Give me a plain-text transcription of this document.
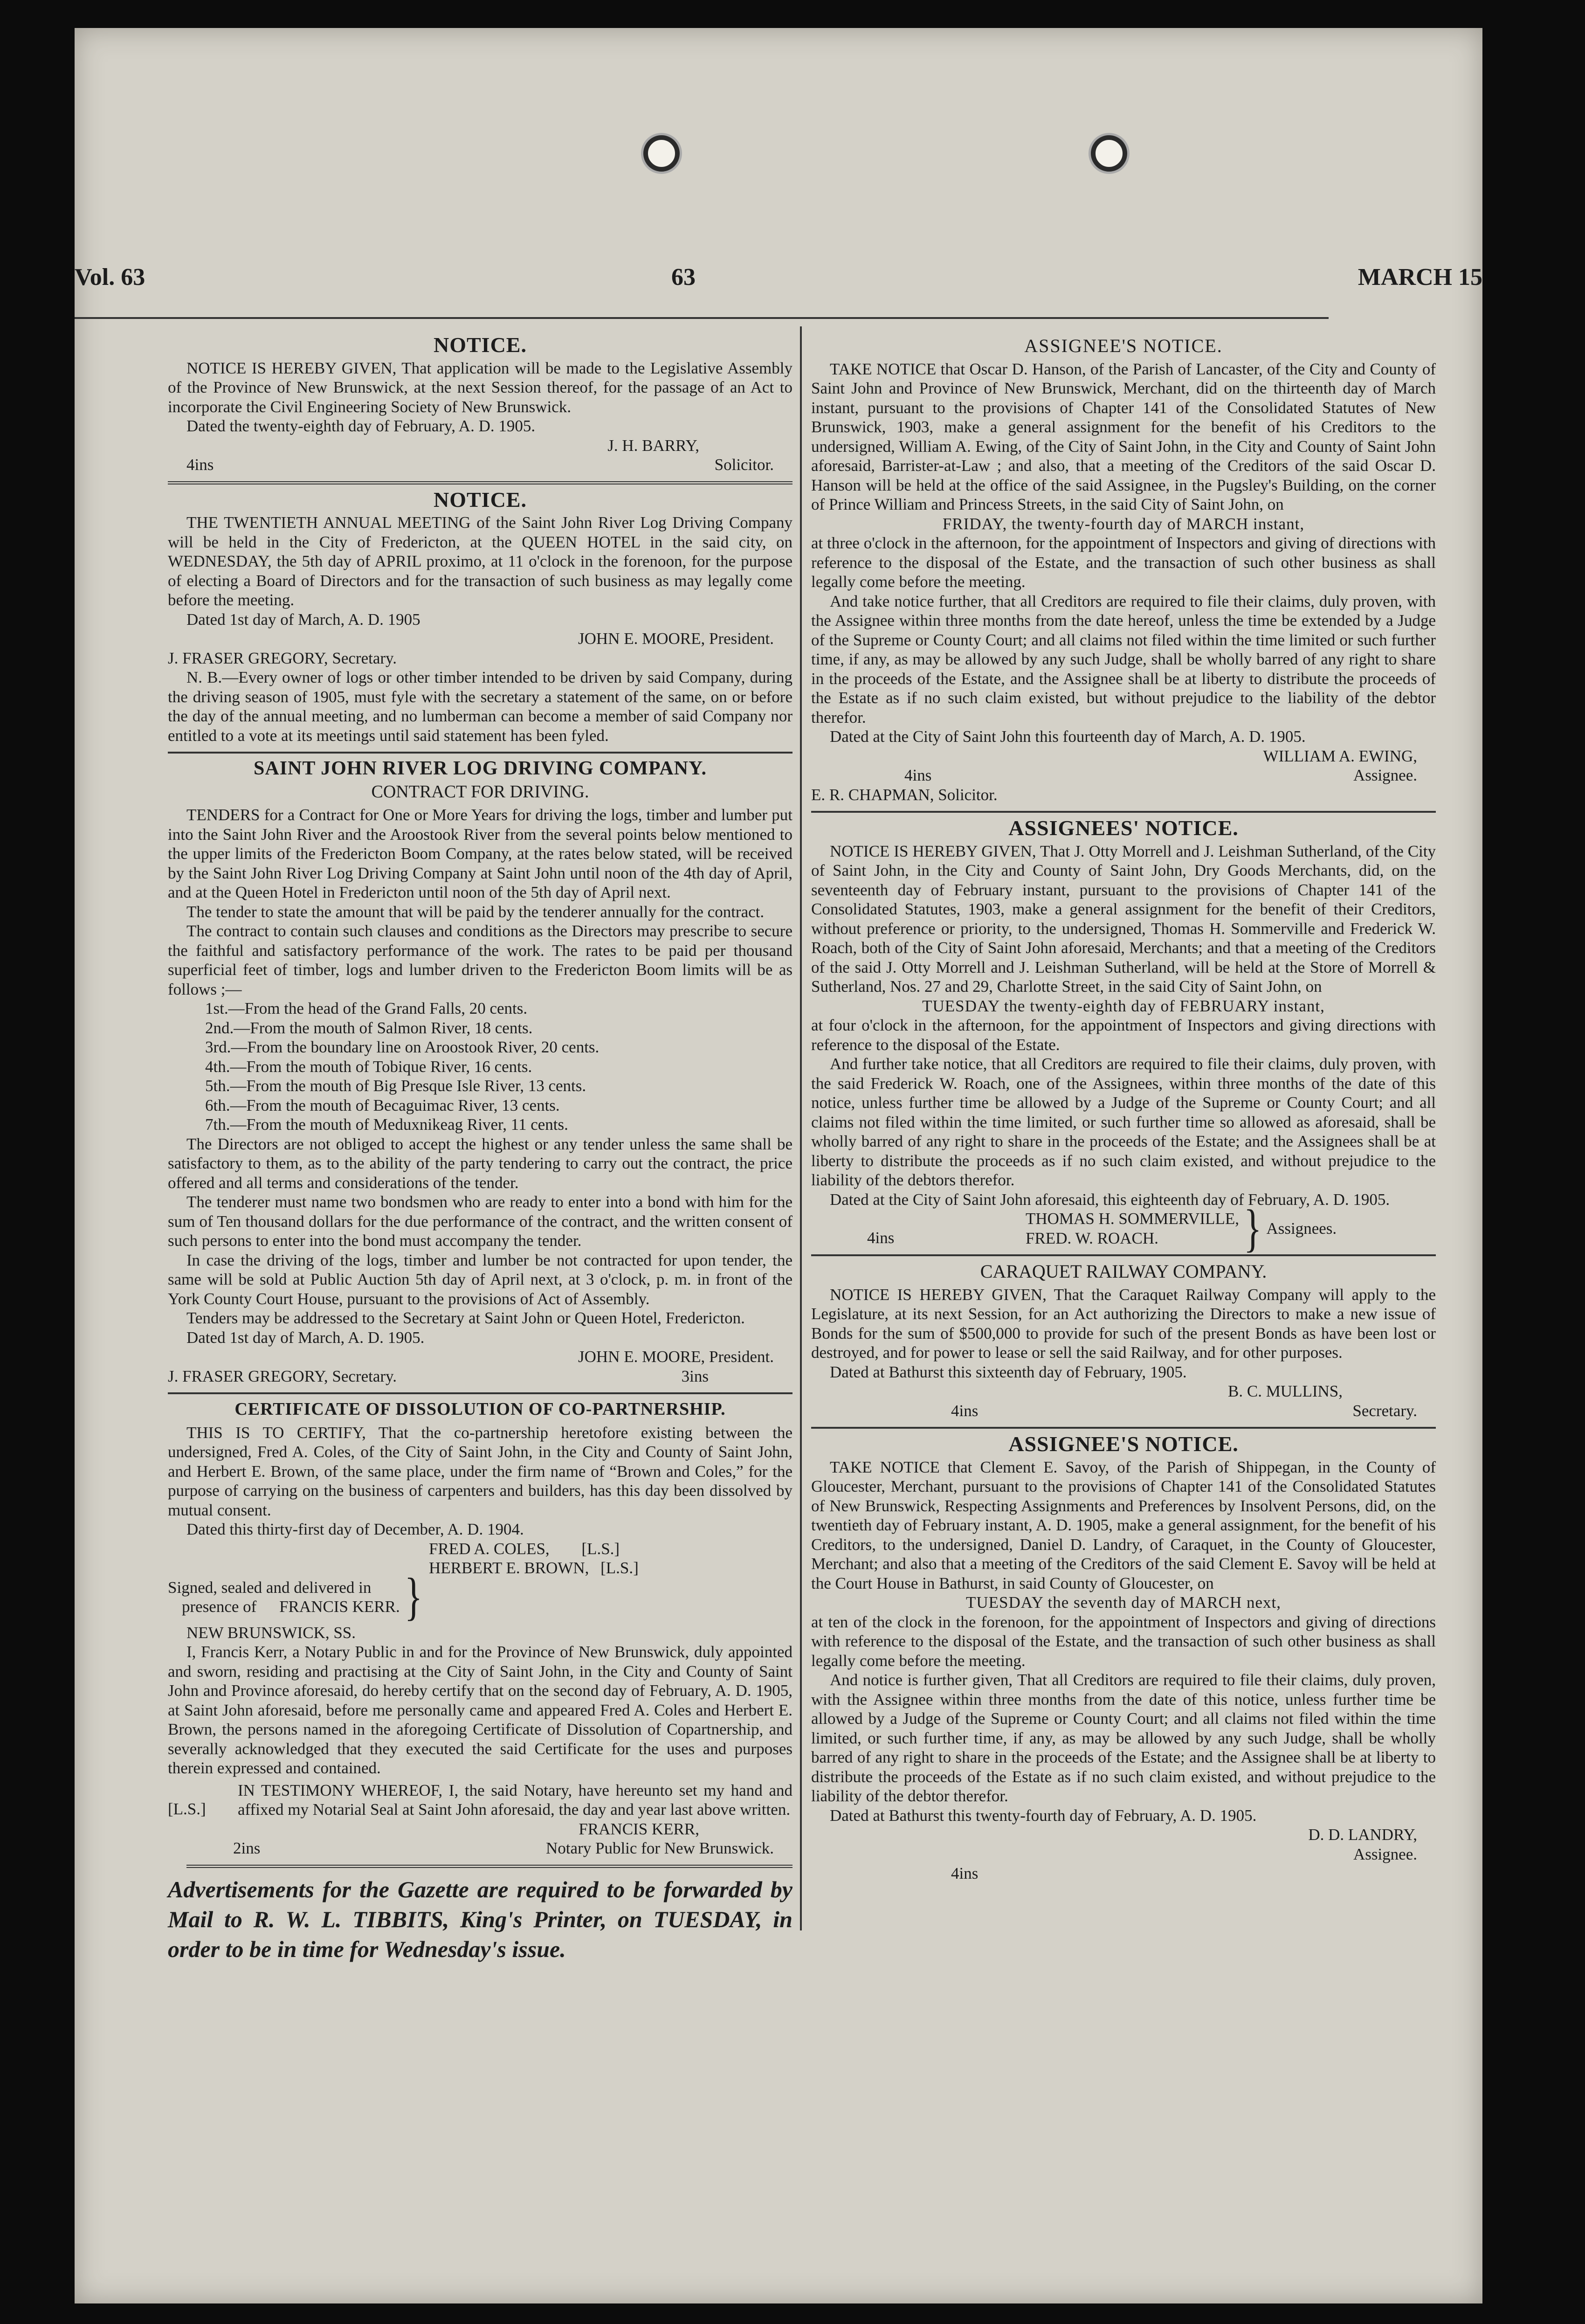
Vol. 63	63	MARCH 15
NOTICE.

NOTICE IS HEREBY GIVEN, That application will be made to the Legislative Assembly of the Province of New Brunswick, at the next Session thereof, for the passage of an Act to incorporate the Civil Engineering Society of New Brunswick.

Dated the twenty-eighth day of February, A. D. 1905.

J. H. BARRY,
4ins	Solicitor.
NOTICE.

THE TWENTIETH ANNUAL MEETING of the Saint John River Log Driving Company will be held in the City of Fredericton, at the QUEEN HOTEL in the said city, on WEDNESDAY, the 5th day of APRIL proximo, at 11 o'clock in the forenoon, for the purpose of electing a Board of Directors and for the transaction of such business as may legally come before the meeting.

Dated 1st day of March, A. D. 1905

JOHN E. MOORE, President.

J. FRASER GREGORY, Secretary.

N. B.—Every owner of logs or other timber intended to be driven by said Company, during the driving season of 1905, must fyle with the secretary a statement of the same, on or before the day of the annual meeting, and no lumberman can become a member of said Company nor entitled to a vote at its meetings until said statement has been fyled.

SAINT JOHN RIVER LOG DRIVING COMPANY.
CONTRACT FOR DRIVING.

TENDERS for a Contract for One or More Years for driving the logs, timber and lumber put into the Saint John River and the Aroostook River from the several points below mentioned to the upper limits of the Fredericton Boom Company, at the rates below stated, will be received by the Saint John River Log Driving Company at Saint John until noon of the 4th day of April, and at the Queen Hotel in Fredericton until noon of the 5th day of April next.

The tender to state the amount that will be paid by the tenderer annually for the contract.

The contract to contain such clauses and conditions as the Directors may prescribe to secure the faithful and satisfactory performance of the work. The rates to be paid per thousand superficial feet of timber, logs and lumber driven to the Fredericton Boom limits will be as follows ;—

1st.—From the head of the Grand Falls, 20 cents.
2nd.—From the mouth of Salmon River, 18 cents.
3rd.—From the boundary line on Aroostook River, 20 cents.
4th.—From the mouth of Tobique River, 16 cents.
5th.—From the mouth of Big Presque Isle River, 13 cents.
6th.—From the mouth of Becaguimac River, 13 cents.
7th.—From the mouth of Meduxnikeag River, 11 cents.

The Directors are not obliged to accept the highest or any tender unless the same shall be satisfactory to them, as to the ability of the party tendering to carry out the contract, the price offered and all terms and considerations of the tender.

The tenderer must name two bondsmen who are ready to enter into a bond with him for the sum of Ten thousand dollars for the due performance of the contract, and the written consent of such persons to enter into the bond must accompany the tender.

In case the driving of the logs, timber and lumber be not contracted for upon tender, the same will be sold at Public Auction 5th day of April next, at 3 o'clock, p. m. in front of the York County Court House, pursuant to the provisions of Act of Assembly.

Tenders may be addressed to the Secretary at Saint John or Queen Hotel, Fredericton.

Dated 1st day of March, A. D. 1905.

JOHN E. MOORE, President.
J. FRASER GREGORY, Secretary.	3ins
CERTIFICATE OF DISSOLUTION OF CO-PARTNERSHIP.

THIS IS TO CERTIFY, That the co-partnership heretofore existing between the undersigned, Fred A. Coles, of the City of Saint John, in the City and County of Saint John, and Herbert E. Brown, of the same place, under the firm name of “Brown and Coles,” for the purpose of carrying on the business of carpenters and builders, has this day been dissolved by mutual consent.

Dated this thirty-first day of December, A. D. 1904.

FRED A. COLES, [L.S.]
HERBERT E. BROWN, [L.S.]
Signed, sealed and delivered in
presence of FRANCIS KERR. }

NEW BRUNSWICK, SS.

I, Francis Kerr, a Notary Public in and for the Province of New Brunswick, duly appointed and sworn, residing and practising at the City of Saint John, in the City and County of Saint John and Province aforesaid, do hereby certify that on the second day of February, A. D. 1905, at Saint John aforesaid, before me personally came and appeared Fred A. Coles and Herbert E. Brown, the persons named in the aforegoing Certificate of Dissolution of Copartnership, and severally acknowledged that they executed the said Certificate for the uses and purposes therein expressed and contained.

[L.S.]
IN TESTIMONY WHEREOF, I, the said Notary, have hereunto set my hand and affixed my Notarial Seal at Saint John aforesaid, the day and year last above written.
FRANCIS KERR,
2ins	Notary Public for New Brunswick.

Advertisements for the Gazette are required to be forwarded by Mail to R. W. L. TIBBITS, King's Printer, on TUESDAY, in order to be in time for Wednesday's issue.

ASSIGNEE'S NOTICE.

TAKE NOTICE that Oscar D. Hanson, of the Parish of Lancaster, of the City and County of Saint John and Province of New Brunswick, Merchant, did on the thirteenth day of March instant, pursuant to the provisions of Chapter 141 of the Consolidated Statutes of New Brunswick, 1903, make a general assignment for the benefit of his Creditors to the undersigned, William A. Ewing, of the City of Saint John, in the City and County of Saint John aforesaid, Barrister-at-Law ; and also, that a meeting of the Creditors of the said Oscar D. Hanson will be held at the office of the said Assignee, in the Pugsley's Building, on the corner of Prince William and Princess Streets, in the said City of Saint John, on

FRIDAY, the twenty-fourth day of MARCH instant,

at three o'clock in the afternoon, for the appointment of Inspectors and giving of directions with reference to the disposal of the Estate, and the transaction of such other business as shall legally come before the meeting.

And take notice further, that all Creditors are required to file their claims, duly proven, with the Assignee within three months from the date hereof, unless the time be extended by a Judge of the Supreme or County Court; and all claims not filed within the time limited or such further time, if any, as may be allowed by any such Judge, shall be wholly barred of any right to share in the proceeds of the Estate, and the Assignee shall be at liberty to distribute the proceeds of the Estate as if no such claim existed, but without prejudice to the liability of the debtor therefor.

Dated at the City of Saint John this fourteenth day of March, A. D. 1905.

WILLIAM A. EWING,
4ins	Assignee.

E. R. CHAPMAN, Solicitor.

ASSIGNEES' NOTICE.

NOTICE IS HEREBY GIVEN, That J. Otty Morrell and J. Leishman Sutherland, of the City of Saint John, in the City and County of Saint John, Dry Goods Merchants, did, on the seventeenth day of February instant, pursuant to the provisions of Chapter 141 of the Consolidated Statutes, 1903, make a general assignment for the benefit of their Creditors, without preference or priority, to the undersigned, Thomas H. Sommerville and Frederick W. Roach, both of the City of Saint John aforesaid, Merchants; and that a meeting of the Creditors of the said J. Otty Morrell and J. Leishman Sutherland, will be held at the Store of Morrell & Sutherland, Nos. 27 and 29, Charlotte Street, in the said City of Saint John, on

TUESDAY the twenty-eighth day of FEBRUARY instant,

at four o'clock in the afternoon, for the appointment of Inspectors and giving directions with reference to the disposal of the Estate.

And further take notice, that all Creditors are required to file their claims, duly proven, with the said Frederick W. Roach, one of the Assignees, within three months of the date of this notice, unless further time be allowed by a Judge of the Supreme or County Court; and all claims not filed within the time limited, or such further time so allowed as aforesaid, shall be wholly barred of any right to share in the proceeds of the Estate; and the Assignees shall be at liberty to distribute the proceeds as if no such claim existed, and without prejudice to the liability of the debtors therefor.

Dated at the City of Saint John aforesaid, this eighteenth day of February, A. D. 1905.

4ins
THOMAS H. SOMMERVILLE,
FRED. W. ROACH.	} Assignees.
CARAQUET RAILWAY COMPANY.

NOTICE IS HEREBY GIVEN, That the Caraquet Railway Company will apply to the Legislature, at its next Session, for an Act authorizing the Directors to make a new issue of Bonds for the sum of $500,000 to provide for such of the present Bonds as have been lost or destroyed, and for power to lease or sell the said Railway, and for other purposes.

Dated at Bathurst this sixteenth day of February, 1905.

B. C. MULLINS,
4ins	Secretary.
ASSIGNEE'S NOTICE.

TAKE NOTICE that Clement E. Savoy, of the Parish of Shippegan, in the County of Gloucester, Merchant, pursuant to the provisions of Chapter 141 of the Consolidated Statutes of New Brunswick, Respecting Assignments and Preferences by Insolvent Persons, did, on the twentieth day of February instant, A. D. 1905, make a general assignment, for the benefit of his Creditors, to the undersigned, Daniel D. Landry, of Caraquet, in the County of Gloucester, Merchant; and also that a meeting of the Creditors of the said Clement E. Savoy will be held at the Court House in Bathurst, in said County of Gloucester, on

TUESDAY the seventh day of MARCH next,

at ten of the clock in the forenoon, for the appointment of Inspectors and giving of directions with reference to the disposal of the Estate, and the transaction of such other business as shall legally come before the meeting.

And notice is further given, That all Creditors are required to file their claims, duly proven, with the Assignee within three months from the date of this notice, unless further time be allowed by a Judge of the Supreme or County Court; and all claims not filed within the time limited, or such further time, if any, as may be allowed by any such Judge, shall be wholly barred of any right to share in the proceeds of the Estate; and the Assignee shall be at liberty to distribute the proceeds of the Estate as if no such claim existed, and without prejudice to the liability of the debtor therefor.

Dated at Bathurst this twenty-fourth day of February, A. D. 1905.

D. D. LANDRY,
Assignee.

4ins
